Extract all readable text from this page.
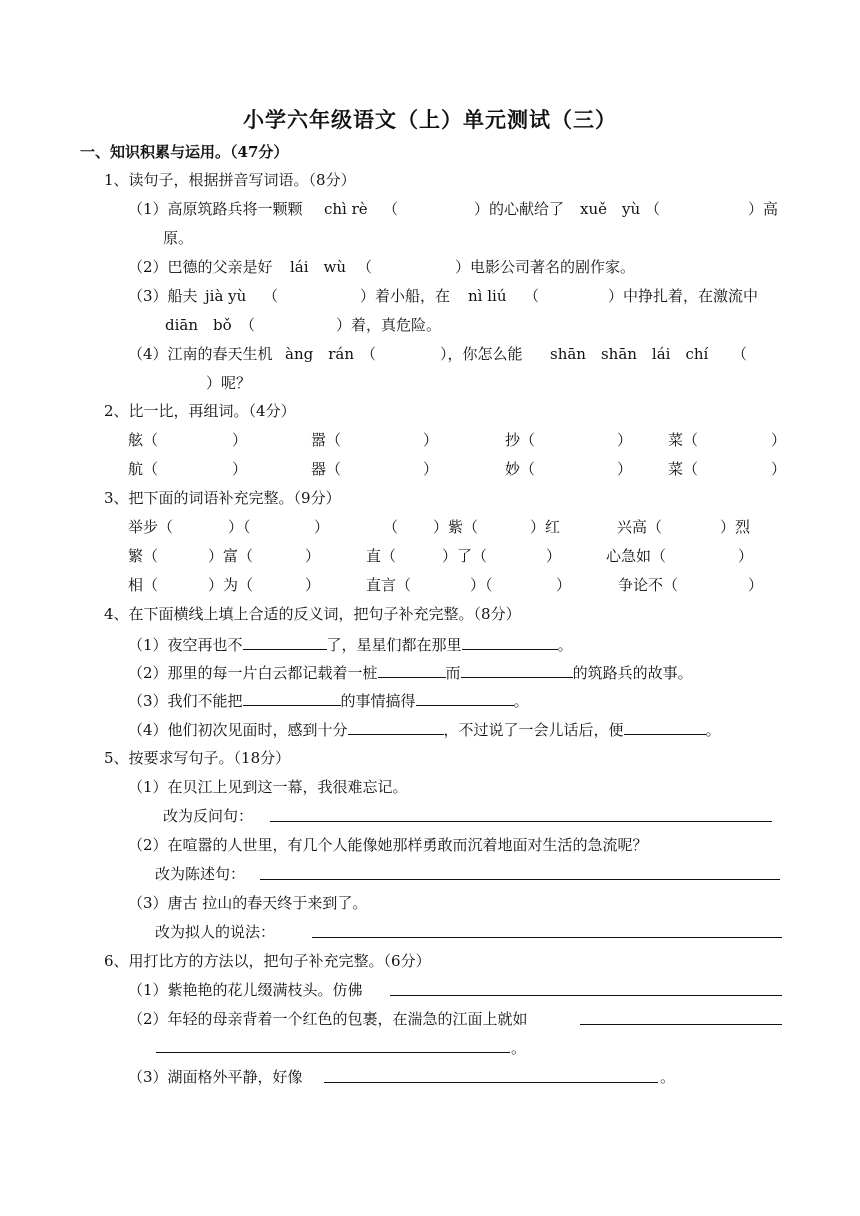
小学六年级语文（上）单元测试（三）
一、知识积累与运用。（47分）
1、读句子，根据拼音写词语。（8分）
（1）高原筑路兵将一颗颗 chì rè （	）的心献给了 xuě　yù （	）高
原。
（2）巴德的父亲是好 lái　wù （	）电影公司著名的剧作家。
（3）船夫 jià yù （	）着小船，在 nì liú （	）中挣扎着，在激流中
diān　bǒ （	）着，真危险。
（4）江南的春天生机 àng　rán （	），你怎么能 shān　shān　lái　chí （
）呢？
2、比一比，再组词。（4分）
舷（	）	嚣（	）	抄（	） 菜（	）
航（	）	器（	）	妙（	） 菜（	）
3、把下面的词语补充完整。（9分）
举步（	）（	）	（ ）紫（	）红	兴高（	）烈
繁（	）富（	）	直（	）了（	）	心急如（	）
相（	）为（	）	直言（	）（	）	争论不（	）
4、在下面横线上填上合适的反义词，把句子补充完整。（8分）
（1）夜空再也不	了，星星们都在那里	。
（2）那里的每一片白云都记载着一桩	而	的筑路兵的故事。
（3）我们不能把	的事情搞得	。
（4）他们初次见面时，感到十分	，不过说了一会儿话后，便	。
5、按要求写句子。（18分）
（1）在贝江上见到这一幕，我很难忘记。
改为反问句：
（2）在喧嚣的人世里，有几个人能像她那样勇敢而沉着地面对生活的急流呢？
改为陈述句：
（3）唐古 拉山的春天终于来到了。
改为拟人的说法：
6、用打比方的方法以，把句子补充完整。（6分）
（1）紫艳艳的花儿缀满枝头。仿佛
（2）年轻的母亲背着一个红色的包裹，在湍急的江面上就如
。
（3）湖面格外平静，好像	。
